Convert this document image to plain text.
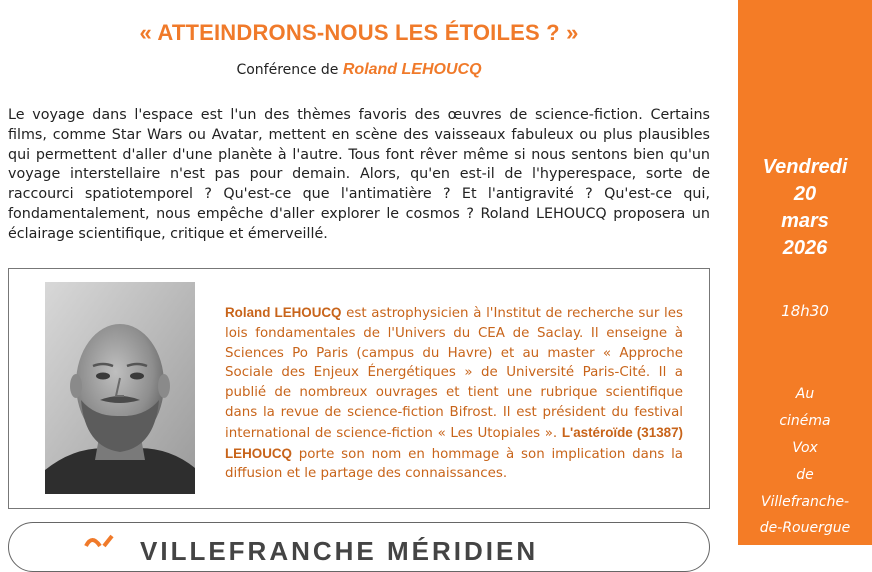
« ATTEINDRONS-NOUS LES ÉTOILES ? »
Conférence de Roland LEHOUCQ
Le voyage dans l'espace est l'un des thèmes favoris des œuvres de science-fiction. Certains films, comme Star Wars ou Avatar, mettent en scène des vaisseaux fabuleux ou plus plausibles qui permettent d'aller d'une planète à l'autre. Tous font rêver même si nous sentons bien qu'un voyage interstellaire n'est pas pour demain. Alors, qu'en est-il de l'hyperespace, sorte de raccourci spatiotemporel ? Qu'est-ce que l'antimatière ? Et l'antigravité ? Qu'est-ce qui, fondamentalement, nous empêche d'aller explorer le cosmos ? Roland LEHOUCQ proposera un éclairage scientifique, critique et émerveillé.
Roland LEHOUCQ est astrophysicien à l'Institut de recherche sur les lois fondamentales de l'Univers du CEA de Saclay. Il enseigne à Sciences Po Paris (campus du Havre) et au master « Approche Sociale des Enjeux Énergétiques » de Université Paris-Cité. Il a publié de nombreux ouvrages et tient une rubrique scientifique dans la revue de science-fiction Bifrost. Il est président du festival international de science-fiction « Les Utopiales ». L'astéroïde (31387) LEHOUCQ porte son nom en hommage à son implication dans la diffusion et le partage des connaissances.
VILLEFRANCHE MÉRIDIEN
Vendredi
20
mars
2026
18h30
Au
cinéma
Vox
de
Villefranche-
de-Rouergue
